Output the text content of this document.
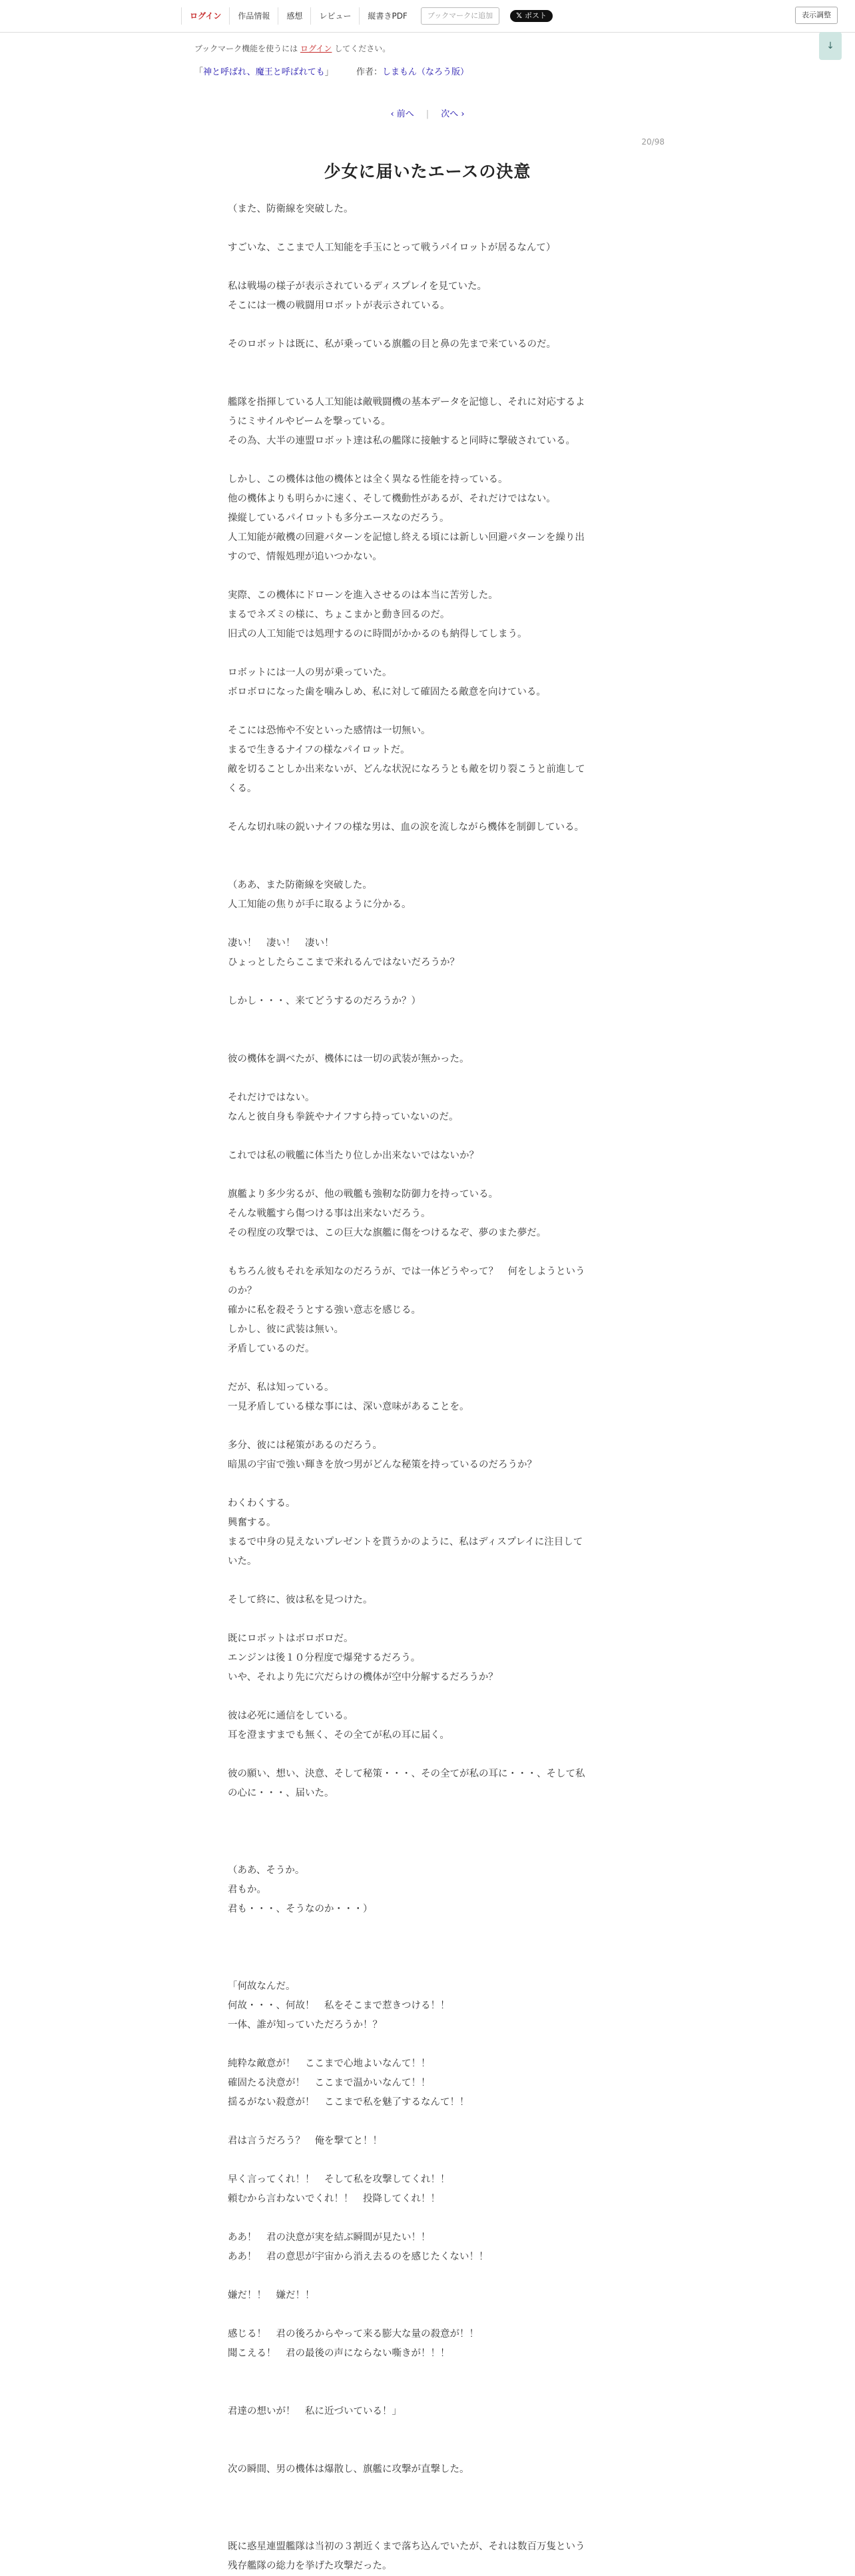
ログイン	作品情報	感想	レビュー	縦書きPDF	ブックマークに追加	𝕏 ポスト	表示調整
ブックマーク機能を使うには ログイン してください。	↓
「神と呼ばれ、魔王と呼ばれても」	作者：しまもん（なろう版）
‹ 前へ | 次へ ›
20/98
少女に届いたエースの決意

（また、防衛線を突破した。

すごいな、ここまで人工知能を手玉にとって戦うパイロットが居るなんて）

私は戦場の様子が表示されているディスプレイを見ていた。

そこには一機の戦闘用ロボットが表示されている。

そのロボットは既に、私が乗っている旗艦の目と鼻の先まで来ているのだ。

艦隊を指揮している人工知能は敵戦闘機の基本データを記憶し、それに対応するよ

うにミサイルやビームを撃っている。

その為、大半の連盟ロボット達は私の艦隊に接触すると同時に撃破されている。

しかし、この機体は他の機体とは全く異なる性能を持っている。

他の機体よりも明らかに速く、そして機動性があるが、それだけではない。

操縦しているパイロットも多分エースなのだろう。

人工知能が敵機の回避パターンを記憶し終える頃には新しい回避パターンを繰り出

すので、情報処理が追いつかない。

実際、この機体にドローンを進入させるのは本当に苦労した。

まるでネズミの様に、ちょこまかと動き回るのだ。

旧式の人工知能では処理するのに時間がかかるのも納得してしまう。

ロボットには一人の男が乗っていた。

ボロボロになった歯を噛みしめ、私に対して確固たる敵意を向けている。

そこには恐怖や不安といった感情は一切無い。

まるで生きるナイフの様なパイロットだ。

敵を切ることしか出来ないが、どんな状況になろうとも敵を切り裂こうと前進して

くる。

そんな切れ味の鋭いナイフの様な男は、血の涙を流しながら機体を制御している。

（ああ、また防衛線を突破した。

人工知能の焦りが手に取るように分かる。

凄い！　凄い！　凄い！

ひょっとしたらここまで来れるんではないだろうか？

しかし・・・、来てどうするのだろうか？）

彼の機体を調べたが、機体には一切の武装が無かった。

それだけではない。

なんと彼自身も拳銃やナイフすら持っていないのだ。

これでは私の戦艦に体当たり位しか出来ないではないか？

旗艦より多少劣るが、他の戦艦も強靭な防御力を持っている。

そんな戦艦すら傷つける事は出来ないだろう。

その程度の攻撃では、この巨大な旗艦に傷をつけるなぞ、夢のまた夢だ。

もちろん彼もそれを承知なのだろうが、では一体どうやって？　何をしようという

のか？

確かに私を殺そうとする強い意志を感じる。

しかし、彼に武装は無い。

矛盾しているのだ。

だが、私は知っている。

一見矛盾している様な事には、深い意味があることを。

多分、彼には秘策があるのだろう。

暗黒の宇宙で強い輝きを放つ男がどんな秘策を持っているのだろうか？

わくわくする。

興奮する。

まるで中身の見えないプレゼントを貰うかのように、私はディスプレイに注目して

いた。

そして終に、彼は私を見つけた。

既にロボットはボロボロだ。

エンジンは後１０分程度で爆発するだろう。

いや、それより先に穴だらけの機体が空中分解するだろうか？

彼は必死に通信をしている。

耳を澄ますまでも無く、その全てが私の耳に届く。

彼の願い、想い、決意、そして秘策・・・、その全てが私の耳に・・・、そして私

の心に・・・、届いた。

（ああ、そうか。

君もか。

君も・・・、そうなのか・・・）

「何故なんだ。

何故・・・、何故！　私をそこまで惹きつける！！

一体、誰が知っていただろうか！？

純粋な敵意が！　ここまで心地よいなんて！！

確固たる決意が！　ここまで温かいなんて！！

揺るがない殺意が！　ここまで私を魅了するなんて！！

君は言うだろう？　俺を撃てと！！

早く言ってくれ！！　そして私を攻撃してくれ！！

頼むから言わないでくれ！！　投降してくれ！！

ああ！　君の決意が実を結ぶ瞬間が見たい！！

ああ！　君の意思が宇宙から消え去るのを感じたくない！！

嫌だ！！　嫌だ！！

感じる！　君の後ろからやって来る膨大な量の殺意が！！

聞こえる！　君の最後の声にならない嘶きが！！！

君達の想いが！　私に近づいている！」

次の瞬間、男の機体は爆散し、旗艦に攻撃が直撃した。

既に惑星連盟艦隊は当初の３割近くまで落ち込んでいたが、それは数百万隻という

残存艦隊の総力を挙げた攻撃だった。
